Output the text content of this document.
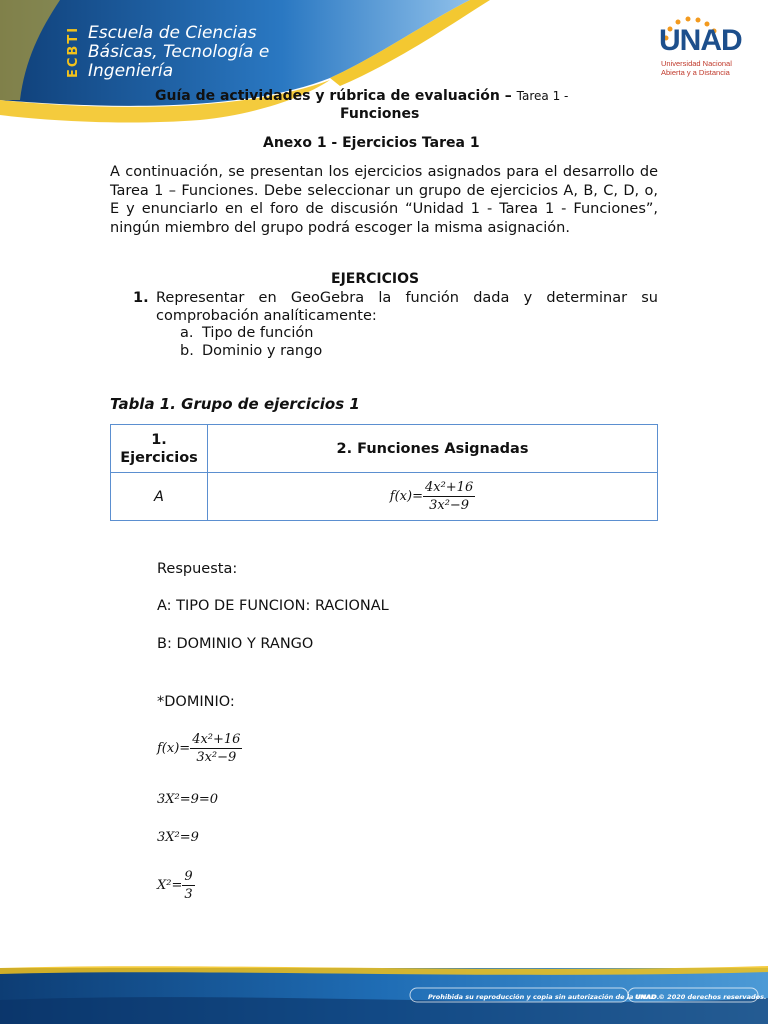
ECBTI Escuela de Ciencias
Básicas, Tecnología e
Ingeniería
UNAD
Universidad Nacional
Abierta y a Distancia
Guía de actividades y rúbrica de evaluación – Tarea 1 -
Funciones
Anexo 1 - Ejercicios Tarea 1

A continuación, se presentan los ejercicios asignados para el desarrollo de Tarea 1 – Funciones. Debe seleccionar un grupo de ejercicios A, B, C, D, o, E y enunciarlo en el foro de discusión “Unidad 1 - Tarea 1 - Funciones”, ningún miembro del grupo podrá escoger la misma asignación.

EJERCICIOS
1. Representar en GeoGebra la función dada y determinar su

comprobación analíticamente:
a. Tipo de función
b. Dominio y rango
Tabla 1. Grupo de ejercicios 1
1.
Ejercicios	2. Funciones Asignadas
A	$f(x)= \frac{\text{4x²+16}}{\text{3x²−9}}$
Respuesta:
A: TIPO DE FUNCION: RACIONAL
B: DOMINIO Y RANGO
*DOMINIO:
$f(x)= \frac{\text{4x²+16}}{\text{3x²−9}}$
3X²=9=0
3X²=9
$X^2= \frac{9}{3}$
Prohibida su reproducción y copia sin autorización de la UNAD.
UNAD © 2020 derechos reservados.
